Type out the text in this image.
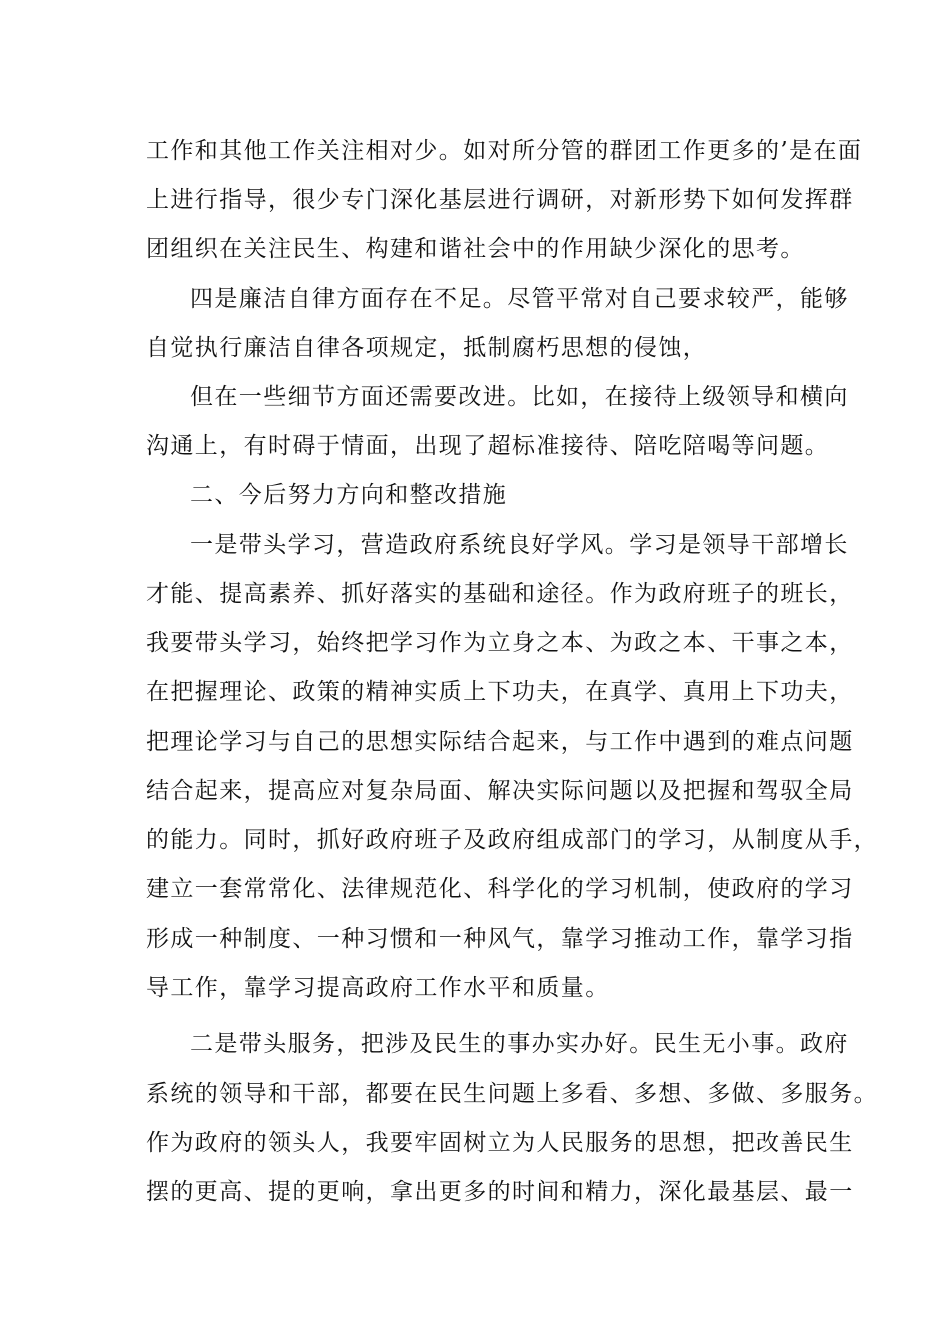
工作和其他工作关注相对少。如对所分管的群团工作更多的’是在面
上进行指导，很少专门深化基层进行调研，对新形势下如何发挥群
团组织在关注民生、构建和谐社会中的作用缺少深化的思考。
四是廉洁自律方面存在不足。尽管平常对自己要求较严，能够
自觉执行廉洁自律各项规定，抵制腐朽思想的侵蚀，
但在一些细节方面还需要改进。比如，在接待上级领导和横向
沟通上，有时碍于情面，出现了超标准接待、陪吃陪喝等问题。
二、今后努力方向和整改措施
一是带头学习，营造政府系统良好学风。学习是领导干部增长
才能、提高素养、抓好落实的基础和途径。作为政府班子的班长，
我要带头学习，始终把学习作为立身之本、为政之本、干事之本，
在把握理论、政策的精神实质上下功夫，在真学、真用上下功夫，
把理论学习与自己的思想实际结合起来，与工作中遇到的难点问题
结合起来，提高应对复杂局面、解决实际问题以及把握和驾驭全局
的能力。同时，抓好政府班子及政府组成部门的学习，从制度从手，
建立一套常常化、法律规范化、科学化的学习机制，使政府的学习
形成一种制度、一种习惯和一种风气，靠学习推动工作，靠学习指
导工作，靠学习提高政府工作水平和质量。
二是带头服务，把涉及民生的事办实办好。民生无小事。政府
系统的领导和干部，都要在民生问题上多看、多想、多做、多服务。
作为政府的领头人，我要牢固树立为人民服务的思想，把改善民生
摆的更高、提的更响，拿出更多的时间和精力，深化最基层、最一
